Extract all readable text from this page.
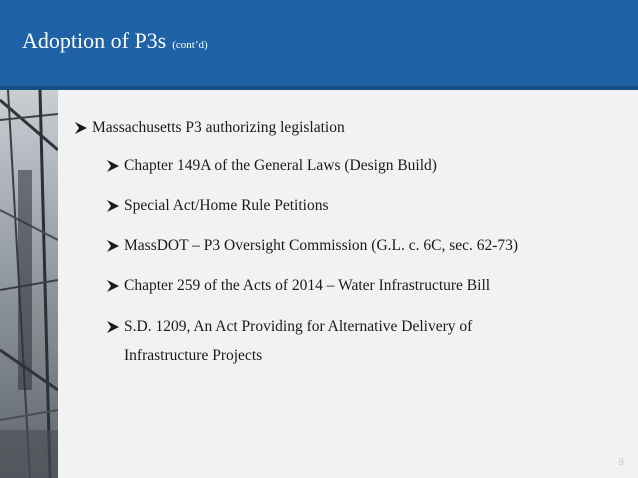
Adoption of P3s (cont’d)
Massachusetts P3 authorizing legislation
Chapter 149A of the General Laws (Design Build)
Special Act/Home Rule Petitions
MassDOT – P3 Oversight Commission (G.L. c. 6C, sec. 62-73)
Chapter 259 of the Acts of 2014 – Water Infrastructure Bill
S.D. 1209, An Act Providing for Alternative Delivery of
Infrastructure Projects
9
